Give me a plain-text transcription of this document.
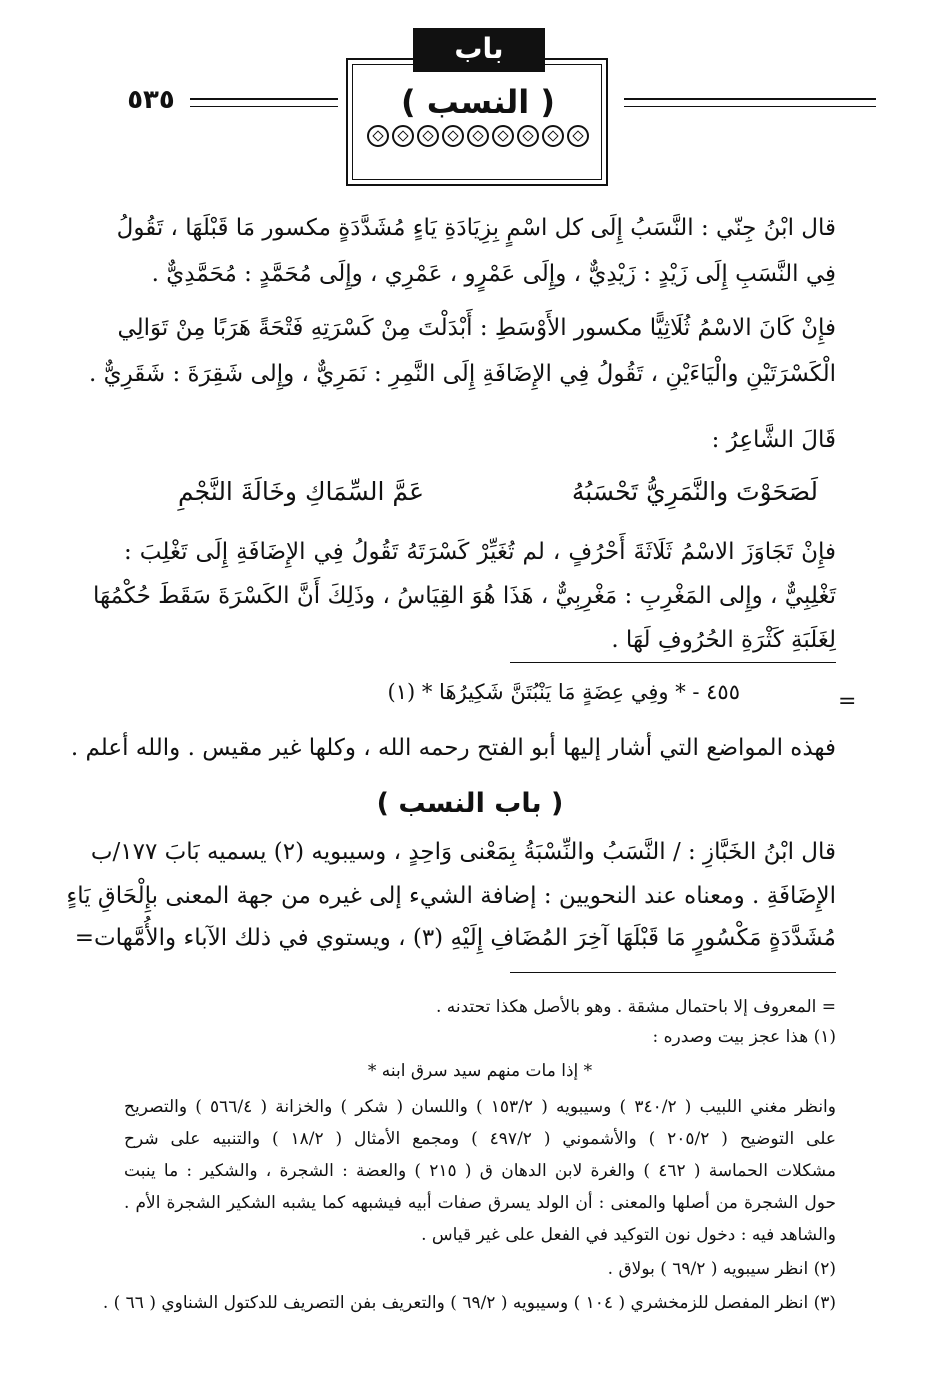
٥٣٥
باب
( النسب )
قال ابْنُ جِنّي : النَّسَبُ إِلَى كل اسْمٍ بِزِيَادَةِ يَاءٍ مُشَدَّدَةٍ مكسور مَا قَبْلَهَا ، تَقُولُ
فِي النَّسَبِ إِلَى زَيْدٍ : زَيْدِيٌّ ، وإِلَى عَمْرٍو ، عَمْرِي ، وإِلَى مُحَمَّدٍ : مُحَمَّدِيٌّ .
فإِنْ كَانَ الاسْمُ ثُلَاثِيًّا مكسور الأَوْسَطِ : أَبْدَلْتَ مِنْ كَسْرَتِهِ فَتْحَةً هَرَبًا مِنْ تَوَالِي
الْكَسْرَتَيْنِ والْيَاءَيْنِ ، تَقُولُ فِي الإِضَافَةِ إِلَى النَّمِرِ : نَمَرِيٌّ ، وإِلى شَقِرَةَ : شَقَرِيٌّ .
قَالَ الشَّاعِرُ :
لَصَحَوْتَ والنَّمَرِيُّ تَحْسَبُهُ
عَمَّ السِّمَاكِ وخَالَةَ النَّجْمِ
فإِنْ تَجَاوَزَ الاسْمُ ثَلَاثَةَ أَحْرُفٍ ، لم تُغَيِّرْ كَسْرَتَهُ تَقُولُ فِي الإِضَافَةِ إِلَى تَغْلِبَ :
تَغْلِبِيٌّ ، وإِلى المَغْرِبِ : مَغْرِبِيٌّ ، هَذَا هُوَ القِيَاسُ ، وذَلِكَ أَنَّ الكَسْرَةَ سَقَطَ حُكْمُهَا
لِغَلَبَةِ كَثْرَةِ الحُرُوفِ لَهَا .
٤٥٥ - * وفِي عِضَةٍ مَا يَنْبُتَنَّ شَكِيرُهَا * (١)	=
فهذه المواضع التي أشار إليها أبو الفتح رحمه الله ، وكلها غير مقيس . والله أعلم .
( باب النسب )
قال ابْنُ الخَبَّازِ : / النَّسَبُ والنِّسْبَةُ بِمَعْنى وَاحِدٍ ، وسيبويه (٢) يسميه بَابَ ١٧٧/ب
الإِضَافَةِ . ومعناه عند النحويين : إضافة الشيء إلى غيره من جهة المعنى بإِلْحَاقِ يَاءٍ
مُشَدَّدَةٍ مَكْسُورٍ مَا قَبْلَهَا آخِرَ المُضَافِ إِلَيْهِ (٣) ، ويستوي في ذلك الآباء والأُمَّهات=
= المعروف إلا باحتمال مشقة . وهو بالأصل هكذا تحتدنه .
(١) هذا عجز بيت وصدره :
* إذا مات منهم سيد سرق ابنه *
وانظر مغني اللبيب ( ٣٤٠/٢ ) وسيبويه ( ١٥٣/٢ ) واللسان ( شكر ) والخزانة ( ٥٦٦/٤ ) والتصريح
على التوضيح ( ٢٠٥/٢ ) والأشموني ( ٤٩٧/٢ ) ومجمع الأمثال ( ١٨/٢ ) والتنبيه على شرح
مشكلات الحماسة ( ٤٦٢ ) والغرة لابن الدهان ق ( ٢١٥ ) والعضة : الشجرة ، والشكير : ما ينبت
حول الشجرة من أصلها والمعنى : أن الولد يسرق صفات أبيه فيشبهه كما يشبه الشكير الشجرة الأم .
والشاهد فيه : دخول نون التوكيد في الفعل على غير قياس .
(٢) انظر سيبويه ( ٦٩/٢ ) بولاق .
(٣) انظر المفصل للزمخشري ( ١٠٤ ) وسيبويه ( ٦٩/٢ ) والتعريف بفن التصريف للدكتول الشناوي ( ٦٦ ) .
